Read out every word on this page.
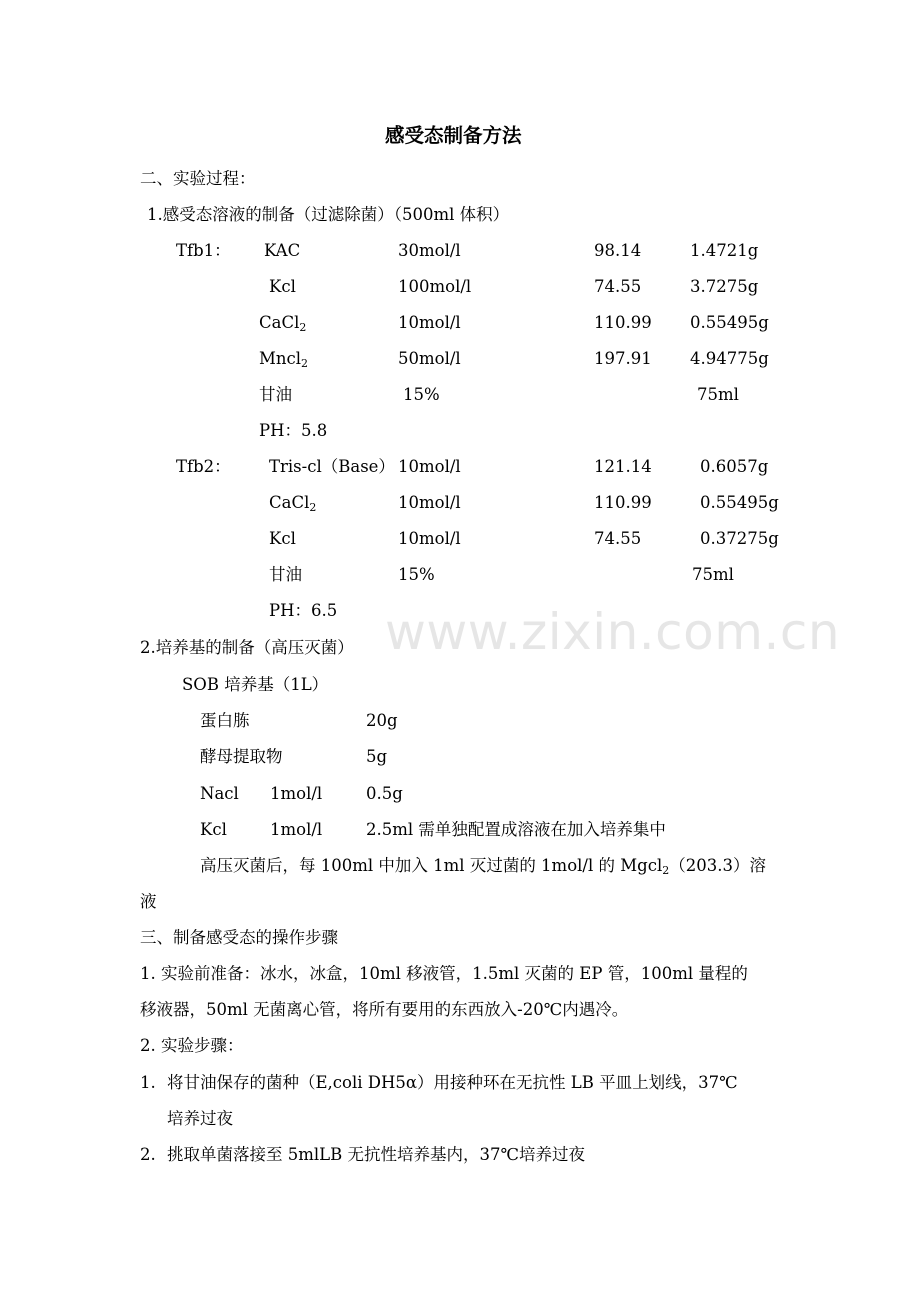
www.zixin.com.cn
感受态制备方法
二、实验过程：
1.感受态溶液的制备（过滤除菌）（500ml 体积）
Tfb1： KAC	30mol/l	98.14	1.4721g
Kcl	100mol/l	74.55	3.7275g
CaCl$_2$	10mol/l	110.99 0.55495g
Mncl$_2$	50mol/l	197.91 4.94775g
甘油	15%	75ml
PH：5.8
Tfb2： Tris-cl（Base） 10mol/l	121.14	0.6057g
CaCl$_2$	10mol/l	110.99	0.55495g
Kcl	10mol/l	74.55	0.37275g
甘油	15%	75ml
PH：6.5
2.培养基的制备（高压灭菌）
SOB 培养基（1L）
蛋白胨	20g
酵母提取物	5g
Nacl 1mol/l	0.5g
Kcl	1mol/l	2.5ml 需单独配置成溶液在加入培养集中
高压灭菌后，每 100ml 中加入 1ml 灭过菌的 1mol/l 的 Mgcl$_2$（203.3）溶
液
三、制备感受态的操作步骤
1. 实验前准备：冰水，冰盒，10ml 移液管，1.5ml 灭菌的 EP 管，100ml 量程的
移液器，50ml 无菌离心管，将所有要用的东西放入-20℃内遇冷。
2. 实验步骤：
1. 将甘油保存的菌种（E,coli DH5α）用接种环在无抗性 LB 平皿上划线，37℃
培养过夜
2. 挑取单菌落接至 5mlLB 无抗性培养基内，37℃培养过夜
